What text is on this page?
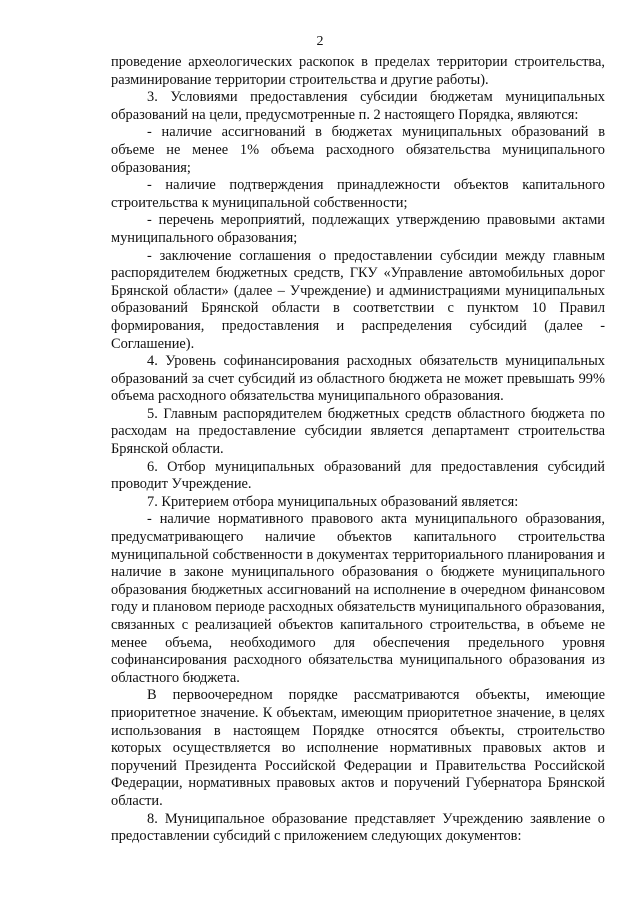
2

проведение археологических раскопок в пределах территории строительства, разминирование территории строительства и другие работы).

3. Условиями предоставления субсидии бюджетам муниципальных образований на цели, предусмотренные п. 2 настоящего Порядка, являются:

- наличие ассигнований в бюджетах муниципальных образований в объеме не менее 1% объема расходного обязательства муниципального образования;

- наличие подтверждения принадлежности объектов капитального строительства к муниципальной собственности;

- перечень мероприятий, подлежащих утверждению правовыми актами муниципального образования;

- заключение соглашения о предоставлении субсидии между главным распорядителем бюджетных средств, ГКУ «Управление автомобильных дорог Брянской области» (далее – Учреждение) и администрациями муниципальных образований Брянской области в соответствии с пунктом 10 Правил формирования, предоставления и распределения субсидий (далее - Соглашение).

4. Уровень софинансирования расходных обязательств муниципальных образований за счет субсидий из областного бюджета не может превышать 99% объема расходного обязательства муниципального образования.

5. Главным распорядителем бюджетных средств областного бюджета по расходам на предоставление субсидии является департамент строительства Брянской области.

6. Отбор муниципальных образований для предоставления субсидий проводит Учреждение.

7. Критерием отбора муниципальных образований является:

- наличие нормативного правового акта муниципального образования, предусматривающего наличие объектов капитального строительства муниципальной собственности в документах территориального планирования и наличие в законе муниципального образования о бюджете муниципального образования бюджетных ассигнований на исполнение в очередном финансовом году и плановом периоде расходных обязательств муниципального образования, связанных с реализацией объектов капитального строительства, в объеме не менее объема, необходимого для обеспечения предельного уровня софинансирования расходного обязательства муниципального образования из областного бюджета.

В первоочередном порядке рассматриваются объекты, имеющие приоритетное значение. К объектам, имеющим приоритетное значение, в целях использования в настоящем Порядке относятся объекты, строительство которых осуществляется во исполнение нормативных правовых актов и поручений Президента Российской Федерации и Правительства Российской Федерации, нормативных правовых актов и поручений Губернатора Брянской области.

8. Муниципальное образование представляет Учреждению заявление о предоставлении субсидий с приложением следующих документов:
